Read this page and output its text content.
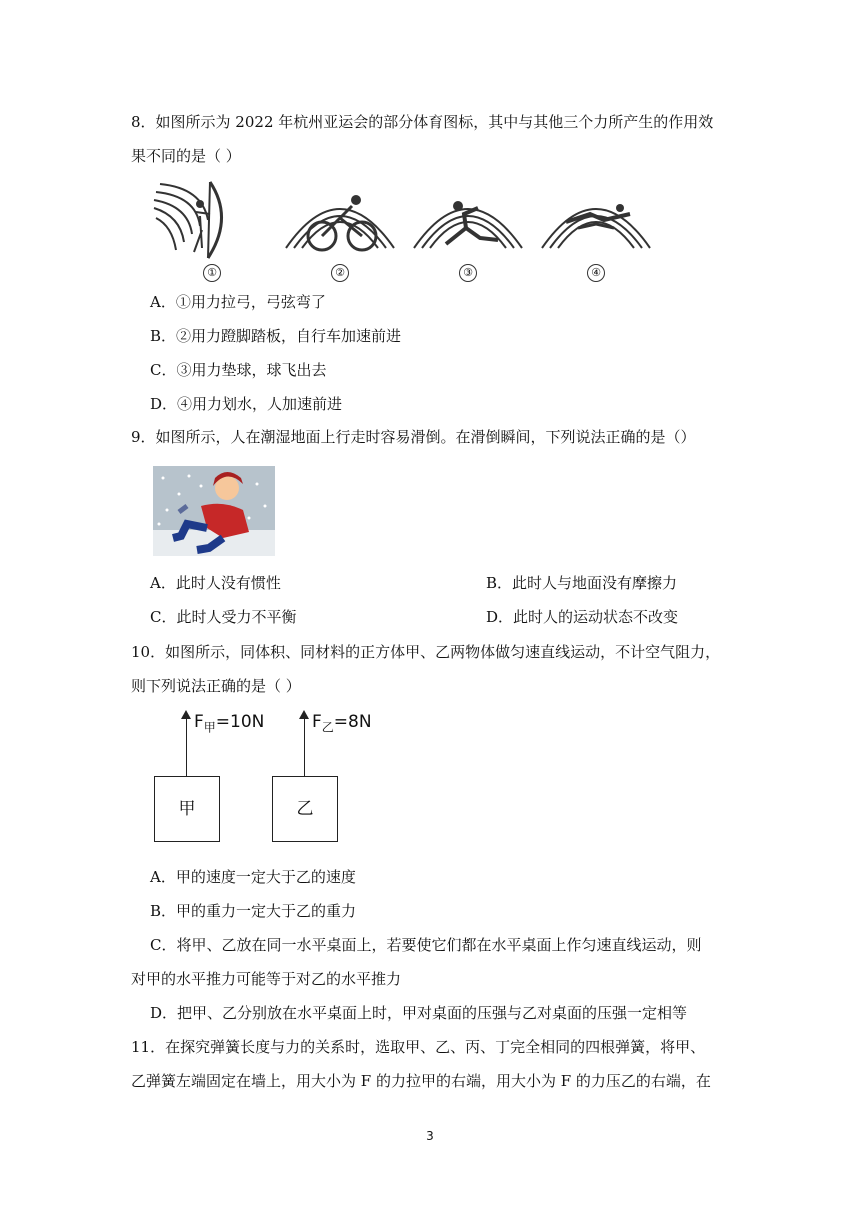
8．如图所示为 2022 年杭州亚运会的部分体育图标，其中与其他三个力所产生的作用效
果不同的是（ ）
①	②	③	④
A．①用力拉弓，弓弦弯了
B．②用力蹬脚踏板，自行车加速前进
C．③用力垫球，球飞出去
D．④用力划水，人加速前进
9．如图所示，人在潮湿地面上行走时容易滑倒。在滑倒瞬间，下列说法正确的是（）
A．此时人没有惯性	B．此时人与地面没有摩擦力
C．此时人受力不平衡	D．此时人的运动状态不改变
10．如图所示，同体积、同材料的正方体甲、乙两物体做匀速直线运动，不计空气阻力，
则下列说法正确的是（ ）
$F_甲=10N$
甲
$F_乙=8N$
乙
A．甲的速度一定大于乙的速度
B．甲的重力一定大于乙的重力
C．将甲、乙放在同一水平桌面上，若要使它们都在水平桌面上作匀速直线运动，则
对甲的水平推力可能等于对乙的水平推力
D．把甲、乙分别放在水平桌面上时，甲对桌面的压强与乙对桌面的压强一定相等
11．在探究弹簧长度与力的关系时，选取甲、乙、丙、丁完全相同的四根弹簧，将甲、
乙弹簧左端固定在墙上，用大小为 F 的力拉甲的右端，用大小为 F 的力压乙的右端，在
3
